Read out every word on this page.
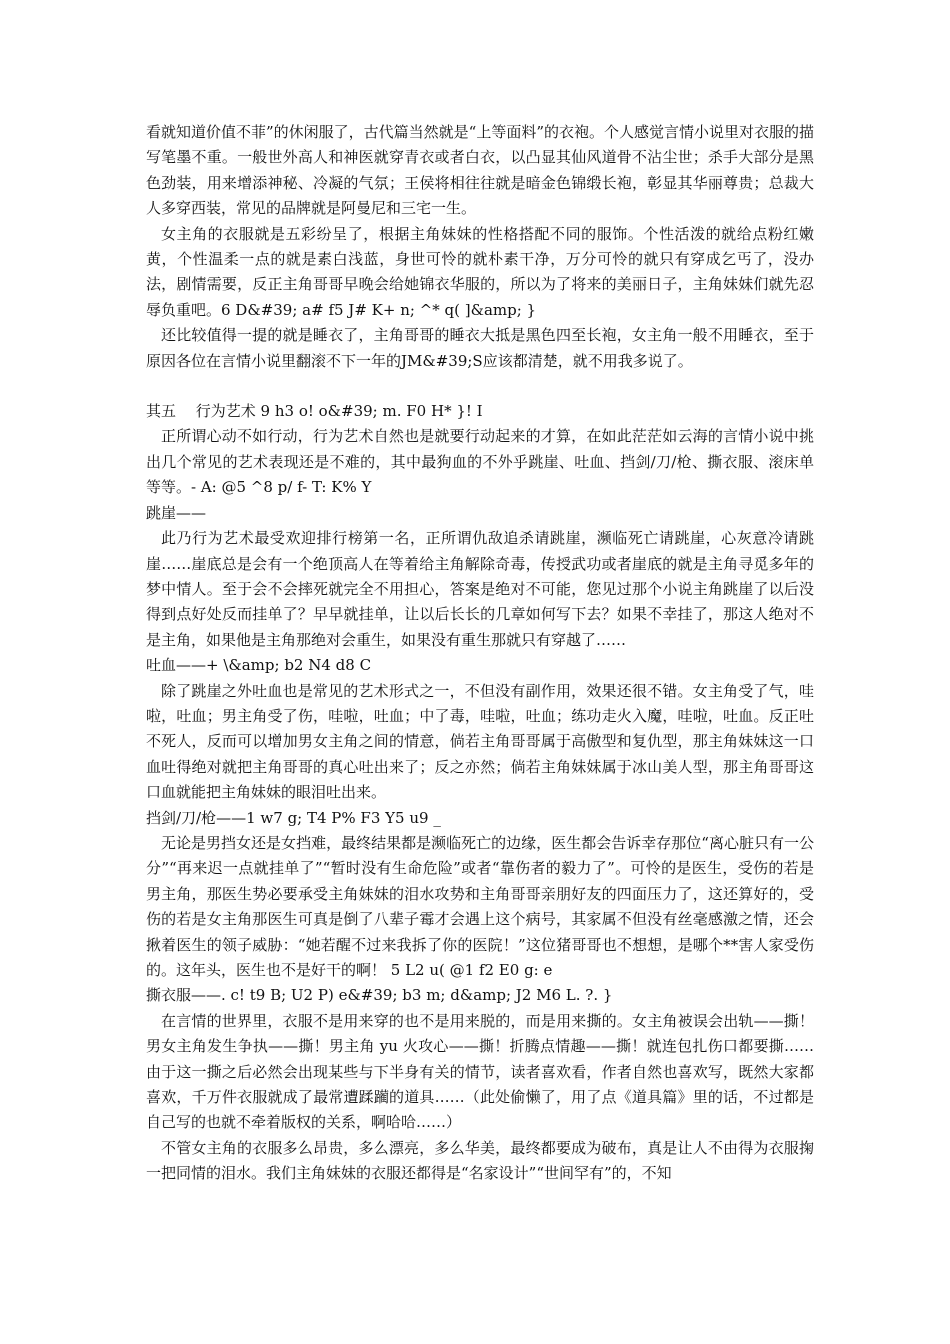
看就知道价值不菲”的休闲服了，古代篇当然就是“上等面料”的衣袍。个人感觉言情小说里对衣服的描写笔墨不重。一般世外高人和神医就穿青衣或者白衣，以凸显其仙风道骨不沾尘世；杀手大部分是黑色劲装，用来增添神秘、冷凝的气氛；王侯将相往往就是暗金色锦缎长袍，彰显其华丽尊贵；总裁大人多穿西装，常见的品牌就是阿曼尼和三宅一生。

女主角的衣服就是五彩纷呈了，根据主角妹妹的性格搭配不同的服饰。个性活泼的就给点粉红嫩黄，个性温柔一点的就是素白浅蓝，身世可怜的就朴素干净，万分可怜的就只有穿成乞丐了，没办法，剧情需要，反正主角哥哥早晚会给她锦衣华服的，所以为了将来的美丽日子，主角妹妹们就先忍辱负重吧。6 D&#39; a# f5 J# K+ n; ^* q( ]&amp; }

还比较值得一提的就是睡衣了，主角哥哥的睡衣大抵是黑色四至长袍，女主角一般不用睡衣，至于原因各位在言情小说里翻滚不下一年的JM&#39;S应该都清楚，就不用我多说了。

其五　 行为艺术 9 h3 o! o&#39; m. F0 H* }! I

正所谓心动不如行动，行为艺术自然也是就要行动起来的才算，在如此茫茫如云海的言情小说中挑出几个常见的艺术表现还是不难的，其中最狗血的不外乎跳崖、吐血、挡剑/刀/枪、撕衣服、滚床单等等。- A: @5 ^8 p/ f- T: K% Y

跳崖——

此乃行为艺术最受欢迎排行榜第一名，正所谓仇敌追杀请跳崖，濒临死亡请跳崖，心灰意冷请跳崖……崖底总是会有一个绝顶高人在等着给主角解除奇毒，传授武功或者崖底的就是主角寻觅多年的梦中情人。至于会不会摔死就完全不用担心，答案是绝对不可能，您见过那个小说主角跳崖了以后没得到点好处反而挂单了？早早就挂单，让以后长长的几章如何写下去？如果不幸挂了，那这人绝对不是主角，如果他是主角那绝对会重生，如果没有重生那就只有穿越了……

吐血——+ \&amp; b2 N4 d8 C

除了跳崖之外吐血也是常见的艺术形式之一，不但没有副作用，效果还很不错。女主角受了气，哇啦，吐血；男主角受了伤，哇啦，吐血；中了毒，哇啦，吐血；练功走火入魔，哇啦，吐血。反正吐不死人，反而可以增加男女主角之间的情意，倘若主角哥哥属于高傲型和复仇型，那主角妹妹这一口血吐得绝对就把主角哥哥的真心吐出来了；反之亦然；倘若主角妹妹属于冰山美人型，那主角哥哥这口血就能把主角妹妹的眼泪吐出来。

挡剑/刀/枪——1 w7 g; T4 P% F3 Y5 u9 _

无论是男挡女还是女挡难，最终结果都是濒临死亡的边缘，医生都会告诉幸存那位“离心脏只有一公分”“再来迟一点就挂单了”“暂时没有生命危险”或者“靠伤者的毅力了”。可怜的是医生，受伤的若是男主角，那医生势必要承受主角妹妹的泪水攻势和主角哥哥亲朋好友的四面压力了，这还算好的，受伤的若是女主角那医生可真是倒了八辈子霉才会遇上这个病号，其家属不但没有丝毫感激之情，还会揪着医生的领子威胁：“她若醒不过来我拆了你的医院！”这位猪哥哥也不想想，是哪个**害人家受伤的。这年头，医生也不是好干的啊！ 5 L2 u( @1 f2 E0 g: e

撕衣服——. c! t9 B; U2 P) e&#39; b3 m; d&amp; J2 M6 L. ?. }

在言情的世界里，衣服不是用来穿的也不是用来脱的，而是用来撕的。女主角被误会出轨——撕！男女主角发生争执——撕！男主角 yu 火攻心——撕！折腾点情趣——撕！就连包扎伤口都要撕……由于这一撕之后必然会出现某些与下半身有关的情节，读者喜欢看，作者自然也喜欢写，既然大家都喜欢，千万件衣服就成了最常遭蹂躏的道具……（此处偷懒了，用了点《道具篇》里的话，不过都是自己写的也就不牵着版权的关系，啊哈哈……）

不管女主角的衣服多么昂贵，多么漂亮，多么华美，最终都要成为破布，真是让人不由得为衣服掬一把同情的泪水。我们主角妹妹的衣服还都得是“名家设计”“世间罕有”的，不知
